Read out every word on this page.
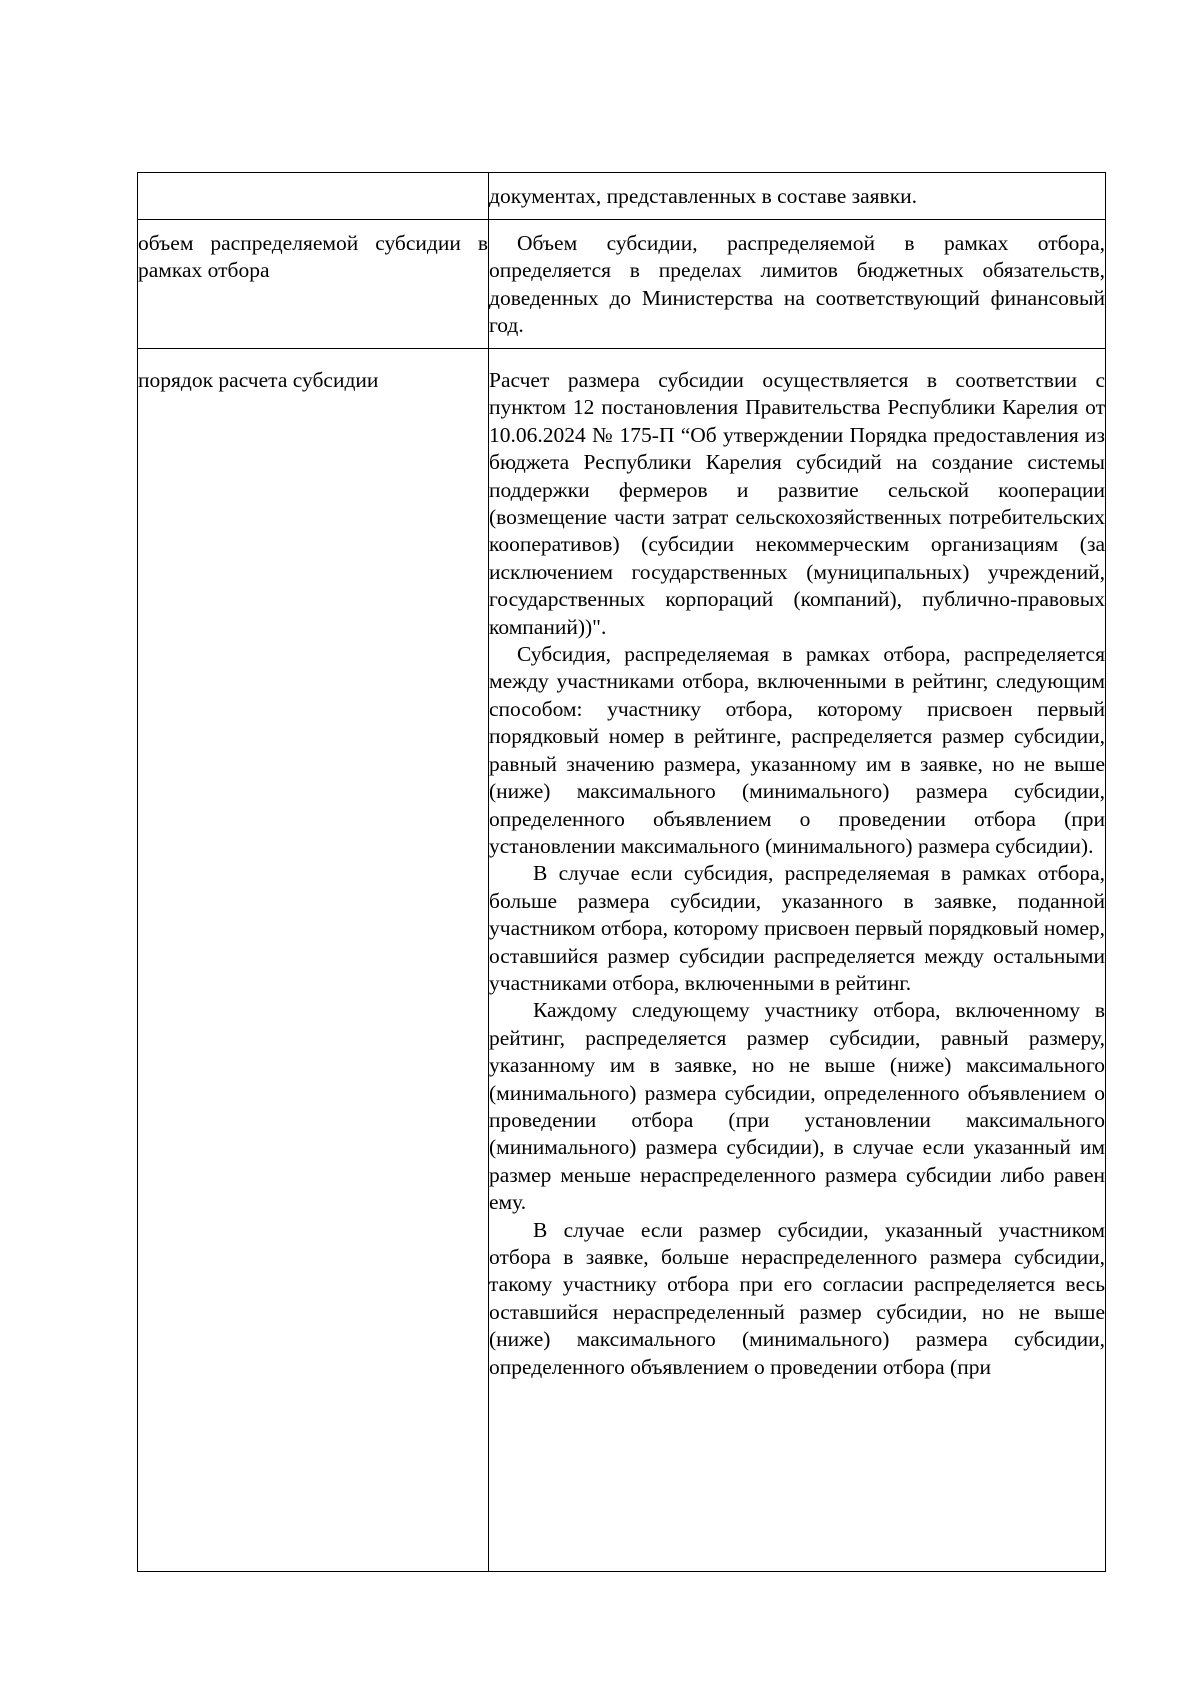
	документах, представленных в составе заявки.

объем распределяемой субсидии в рамках отбора	Объем субсидии, распределяемой в рамках отбора, определяется в пределах лимитов бюджетных обязательств, доведенных до Министерства на соответствующий финансовый год.

порядок расчета субсидии	Расчет размера субсидии осуществляется в соответствии с пунктом 12 постановления Правительства Республики Карелия от 10.06.2024 № 175-П “Об утверждении Порядка предоставления из бюджета Республики Карелия субсидий на создание системы поддержки фермеров и развитие сельской кооперации (возмещение части затрат сельскохозяйственных потребительских кооперативов) (субсидии некоммерческим организациям (за исключением государственных (муниципальных) учреждений, государственных корпораций (компаний), публично-правовых компаний))".

Субсидия, распределяемая в рамках отбора, распределяется между участниками отбора, включенными в рейтинг, следующим способом: участнику отбора, которому присвоен первый порядковый номер в рейтинге, распределяется размер субсидии, равный значению размера, указанному им в заявке, но не выше (ниже) максимального (минимального) размера субсидии, определенного объявлением о проведении отбора (при установлении максимального (минимального) размера субсидии).

В случае если субсидия, распределяемая в рамках отбора, больше размера субсидии, указанного в заявке, поданной участником отбора, которому присвоен первый порядковый номер, оставшийся размер субсидии распределяется между остальными участниками отбора, включенными в рейтинг.

Каждому следующему участнику отбора, включенному в рейтинг, распределяется размер субсидии, равный размеру, указанному им в заявке, но не выше (ниже) максимального (минимального) размера субсидии, определенного объявлением о проведении отбора (при установлении максимального (минимального) размера субсидии), в случае если указанный им размер меньше нераспределенного размера субсидии либо равен ему.

В случае если размер субсидии, указанный участником отбора в заявке, больше нераспределенного размера субсидии, такому участнику отбора при его согласии распределяется весь оставшийся нераспределенный размер субсидии, но не выше (ниже) максимального (минимального) размера субсидии, определенного объявлением о проведении отбора (при
